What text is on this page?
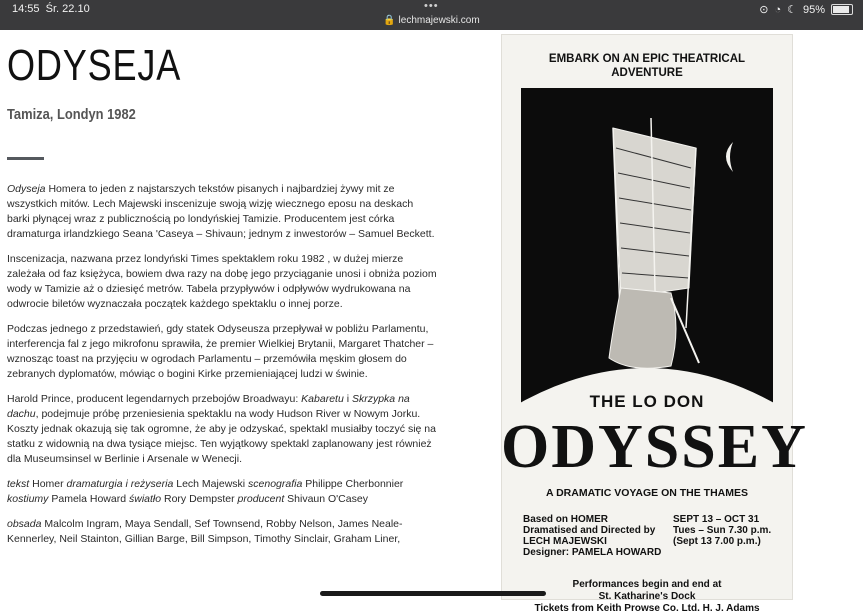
14:55 Śr. 22.10	•••
🔒 lechmajewski.com
⊙ ◔ ☾ 95%
ODYSEJA
Tamiza, Londyn 1982

Odyseja Homera to jeden z najstarszych tekstów pisanych i najbardziej żywy mit ze wszystkich mitów. Lech Majewski inscenizuje swoją wizję wiecznego eposu na deskach barki płynącej wraz z publicznością po londyńskiej Tamizie. Producentem jest córka dramaturga irlandzkiego Seana 'Caseya – Shivaun; jednym z inwestorów – Samuel Beckett.

Inscenizacja, nazwana przez londyński Times spektaklem roku 1982 , w dużej mierze zależała od faz księżyca, bowiem dwa razy na dobę jego przyciąganie unosi i obniża poziom wody w Tamizie aż o dziesięć metrów. Tabela przypływów i odpływów wydrukowana na odwrocie biletów wyznaczała początek każdego spektaklu o innej porze.

Podczas jednego z przedstawień, gdy statek Odyseusza przepływał w pobliżu Parlamentu, interferencja fal z jego mikrofonu sprawiła, że premier Wielkiej Brytanii, Margaret Thatcher – wznosząc toast na przyjęciu w ogrodach Parlamentu – przemówiła męskim głosem do zebranych dyplomatów, mówiąc o bogini Kirke przemieniającej ludzi w świnie.

Harold Prince, producent legendarnych przebojów Broadwayu: Kabaretu i Skrzypka na dachu, podejmuje próbę przeniesienia spektaklu na wody Hudson River w Nowym Jorku. Koszty jednak okazują się tak ogromne, że aby je odzyskać, spektakl musiałby toczyć się na statku z widownią na dwa tysiące miejsc. Ten wyjątkowy spektakl zaplanowany jest również dla Museumsinsel w Berlinie i Arsenale w Wenecji.

tekst Homer dramaturgia i reżyseria Lech Majewski scenografia Philippe Cherbonnier
kostiumy Pamela Howard światło Rory Dempster producent Shivaun O'Casey

obsada Malcolm Ingram, Maya Sendall, Sef Townsend, Robby Nelson, James Neale-Kennerley, Neil Stainton, Gillian Barge, Bill Simpson, Timothy Sinclair, Graham Liner,

EMBARK ON AN EPIC THEATRICAL
ADVENTURE
THE LO DON
ODYSSEY
A DRAMATIC VOYAGE ON THE THAMES
Based on HOMER
Dramatised and Directed by
LECH MAJEWSKI
Designer: PAMELA HOWARD
SEPT 13 – OCT 31
Tues – Sun 7.30 p.m.
(Sept 13 7.00 p.m.)
Performances begin and end at
St. Katharine's Dock
Tickets from Keith Prowse Co. Ltd. H. J. Adams
